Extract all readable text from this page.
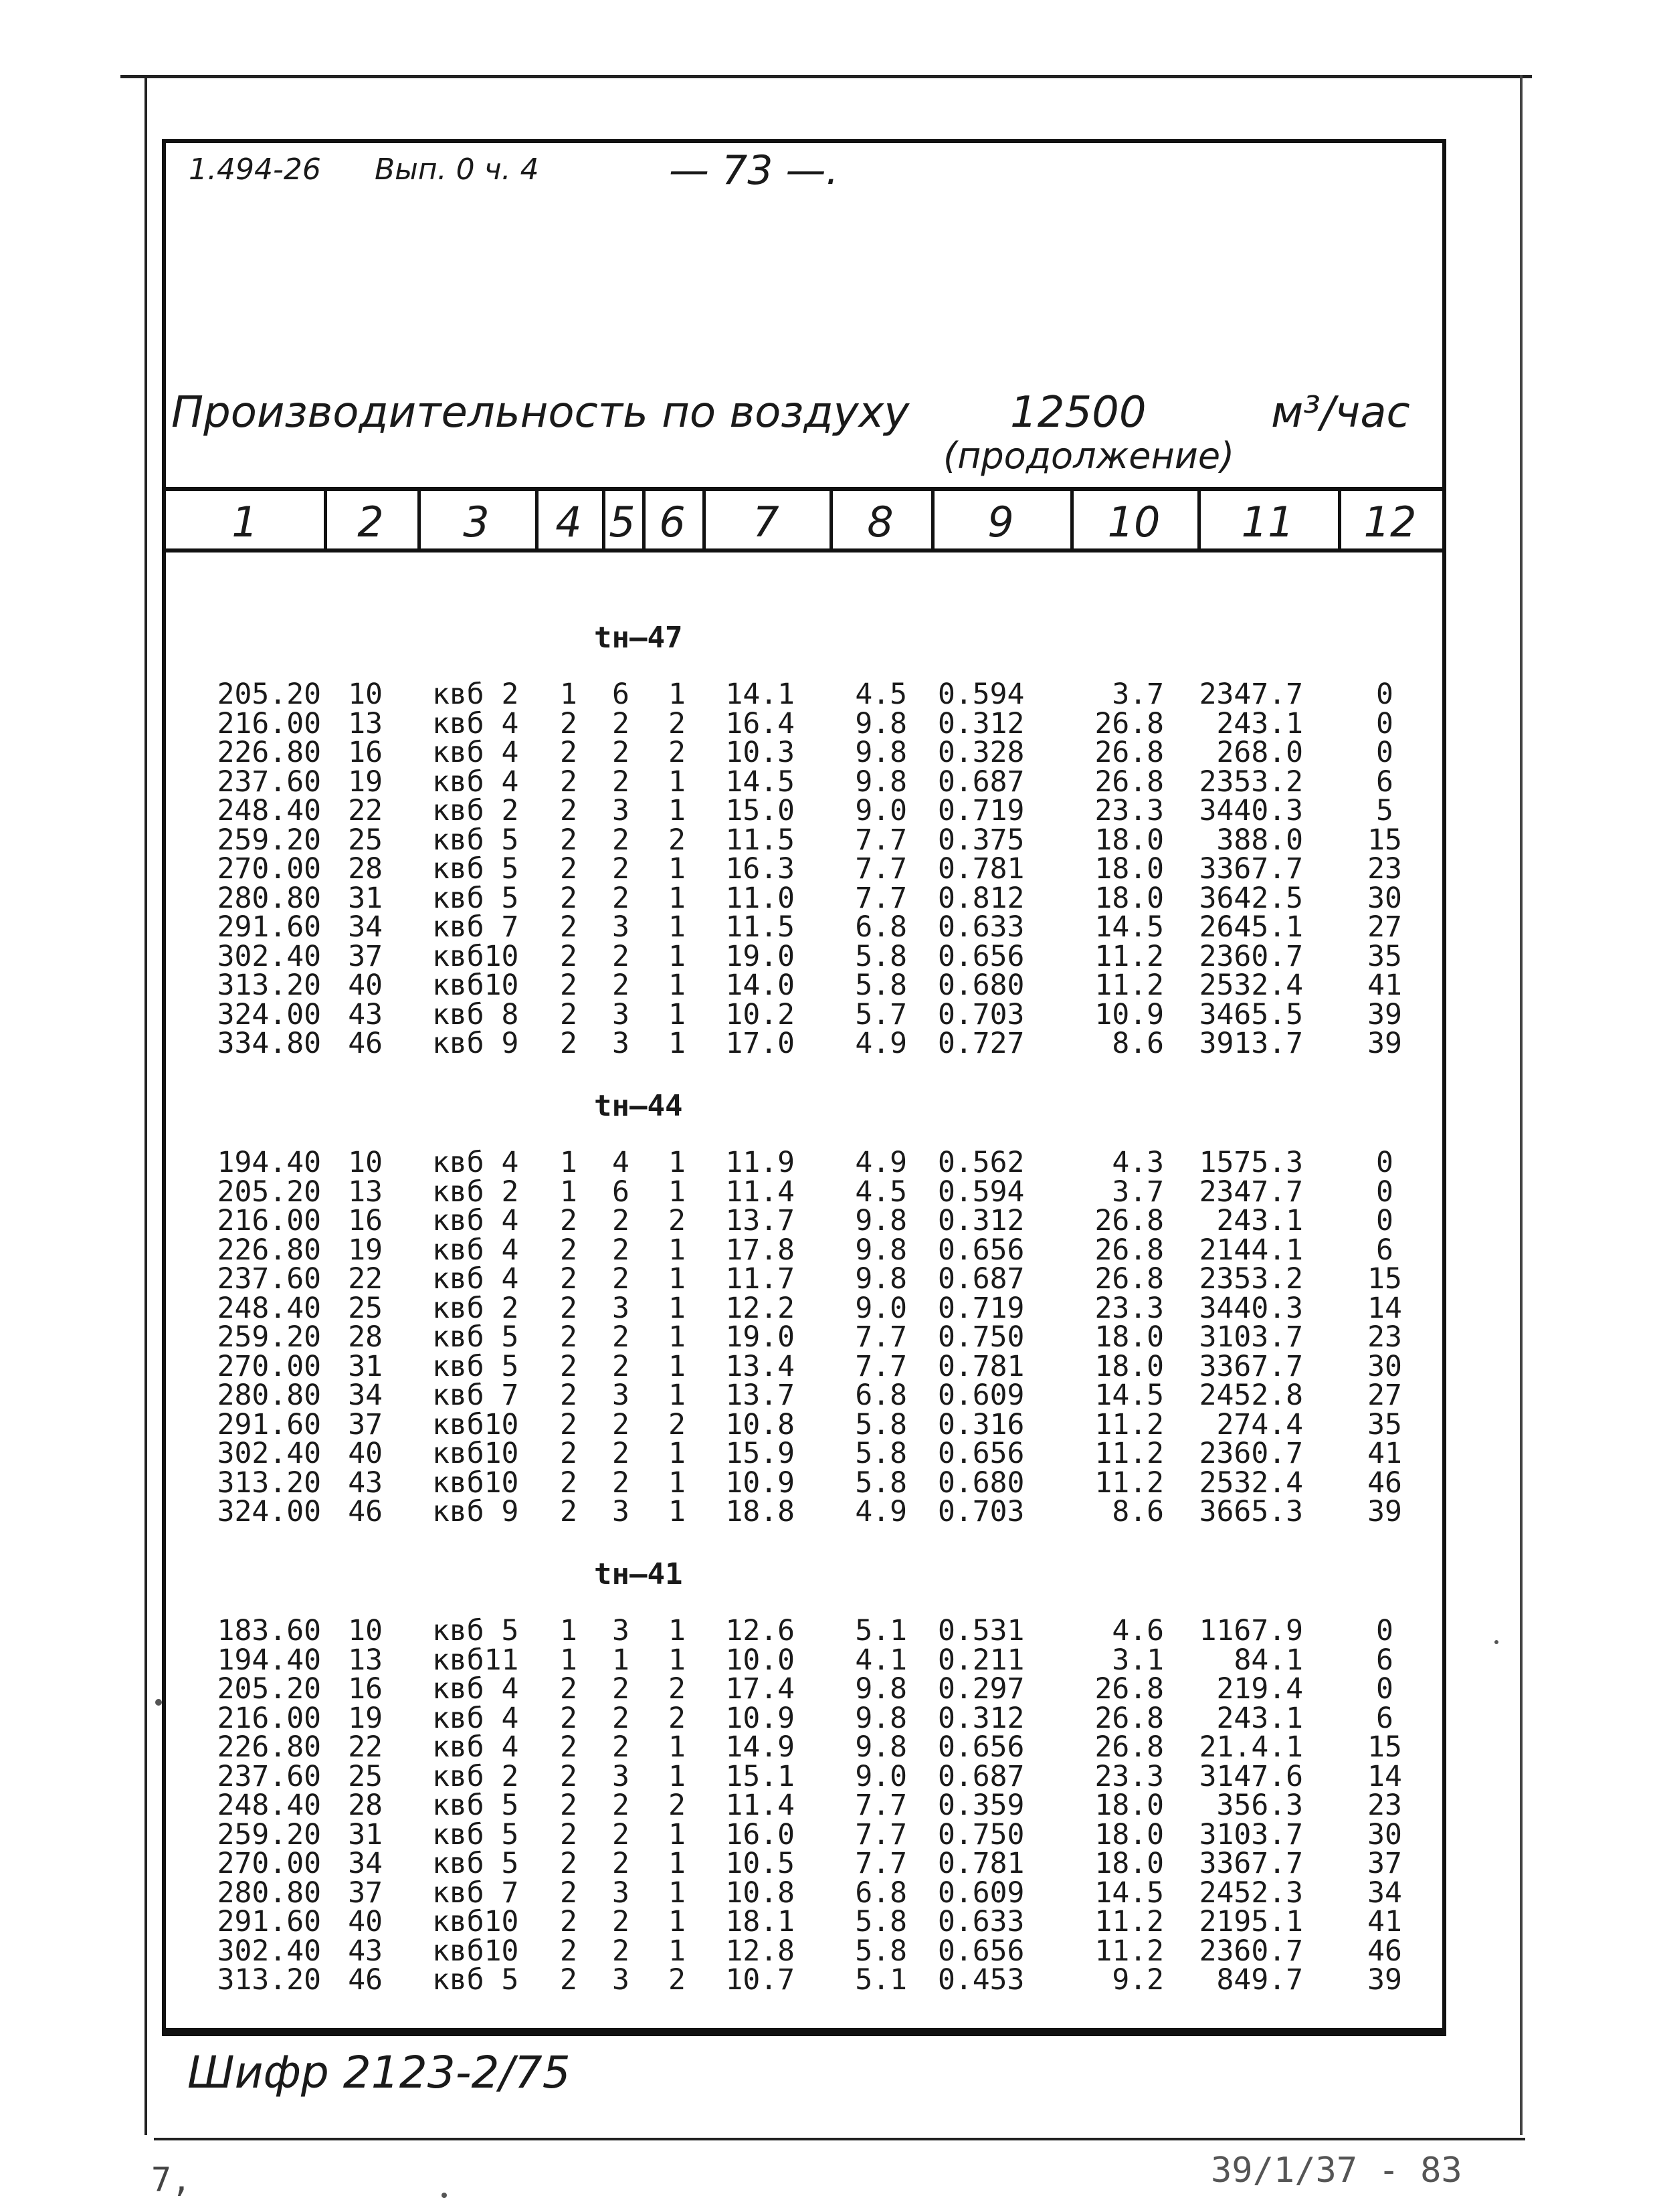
1.494-26 Вып. 0 ч. 4	— 73 —.
Производительность по воздуху 12500	м³/час
(продолжение)
1	2	3	4 5 6	7	8	9	10	11	12
tн—47
205.20 10 квб 2	1	6	1	14.1	4.5 0.594	3.7	2347.7	0
216.00 13 квб 4	2	2	2	16.4	9.8 0.312	26.8	243.1	0
226.80 16 квб 4	2	2	2	10.3	9.8 0.328	26.8	268.0	0
237.60 19 квб 4	2	2	1	14.5	9.8 0.687	26.8	2353.2	6
248.40 22 квб 2	2	3	1	15.0	9.0 0.719	23.3	3440.3	5
259.20 25 квб 5	2	2	2	11.5	7.7 0.375	18.0	388.0	15
270.00 28 квб 5	2	2	1	16.3	7.7 0.781	18.0	3367.7	23
280.80 31 квб 5	2	2	1	11.0	7.7 0.812	18.0	3642.5	30
291.60 34 квб 7	2	3	1	11.5	6.8 0.633	14.5	2645.1	27
302.40 37 квб10	2	2	1	19.0	5.8 0.656	11.2	2360.7	35
313.20 40 квб10	2	2	1	14.0	5.8 0.680	11.2	2532.4	41
324.00 43 квб 8	2	3	1	10.2	5.7 0.703	10.9	3465.5	39
334.80 46 квб 9	2	3	1	17.0	4.9 0.727	8.6	3913.7	39
tн—44
194.40 10 квб 4	1	4	1	11.9	4.9 0.562	4.3	1575.3	0
205.20 13 квб 2	1	6	1	11.4	4.5 0.594	3.7	2347.7	0
216.00 16 квб 4	2	2	2	13.7	9.8 0.312	26.8	243.1	0
226.80 19 квб 4	2	2	1	17.8	9.8 0.656	26.8	2144.1	6
237.60 22 квб 4	2	2	1	11.7	9.8 0.687	26.8	2353.2	15
248.40 25 квб 2	2	3	1	12.2	9.0 0.719	23.3	3440.3	14
259.20 28 квб 5	2	2	1	19.0	7.7 0.750	18.0	3103.7	23
270.00 31 квб 5	2	2	1	13.4	7.7 0.781	18.0	3367.7	30
280.80 34 квб 7	2	3	1	13.7	6.8 0.609	14.5	2452.8	27
291.60 37 квб10	2	2	2	10.8	5.8 0.316	11.2	274.4	35
302.40 40 квб10	2	2	1	15.9	5.8 0.656	11.2	2360.7	41
313.20 43 квб10	2	2	1	10.9	5.8 0.680	11.2	2532.4	46
324.00 46 квб 9	2	3	1	18.8	4.9 0.703	8.6	3665.3	39
tн—41
183.60 10 квб 5	1	3	1	12.6	5.1 0.531	4.6	1167.9	0
194.40 13 квб11	1	1	1	10.0	4.1 0.211	3.1	84.1	6
205.20 16 квб 4	2	2	2	17.4	9.8 0.297	26.8	219.4	0
216.00 19 квб 4	2	2	2	10.9	9.8 0.312	26.8	243.1	6
226.80 22 квб 4	2	2	1	14.9	9.8 0.656	26.8	21.4.1	15
237.60 25 квб 2	2	3	1	15.1	9.0 0.687	23.3	3147.6	14
248.40 28 квб 5	2	2	2	11.4	7.7 0.359	18.0	356.3	23
259.20 31 квб 5	2	2	1	16.0	7.7 0.750	18.0	3103.7	30
270.00 34 квб 5	2	2	1	10.5	7.7 0.781	18.0	3367.7	37
280.80 37 квб 7	2	3	1	10.8	6.8 0.609	14.5	2452.3	34
291.60 40 квб10	2	2	1	18.1	5.8 0.633	11.2	2195.1	41
302.40 43 квб10	2	2	1	12.8	5.8 0.656	11.2	2360.7	46
313.20 46 квб 5	2	3	2	10.7	5.1 0.453	9.2	849.7	39
Шифр 2123-2/75
39/1/37 - 83
7,
